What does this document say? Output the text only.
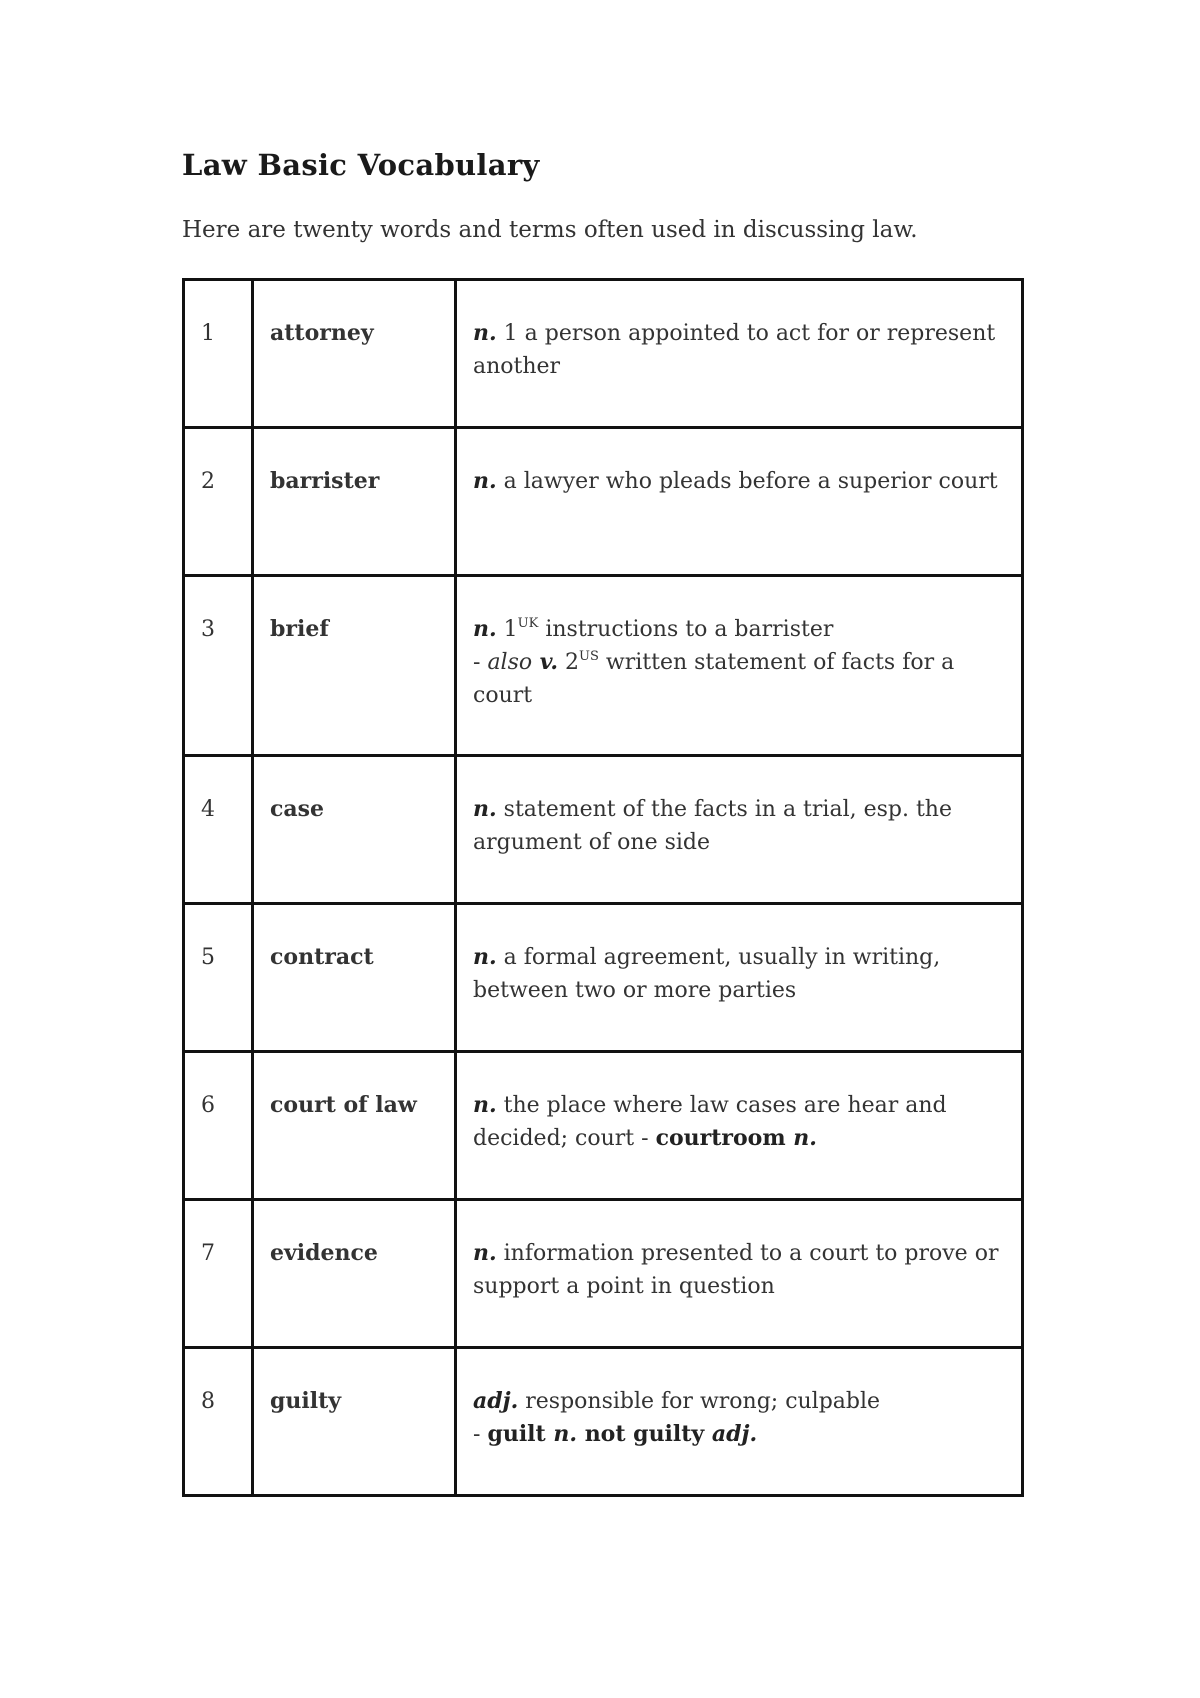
Law Basic Vocabulary

Here are twenty words and terms often used in discussing law.

1	attorney	n. 1 a person appointed to act for or represent another
2	barrister	n. a lawyer who pleads before a superior court
3	brief	n. $1^{UK}$ instructions to a barrister
- also v. $2^{US}$ written statement of facts for a court
4	case	n. statement of the facts in a trial, esp. the argument of one side
5	contract	n. a formal agreement, usually in writing, between two or more parties
6	court of law	n. the place where law cases are hear and decided; court - courtroom n.
7	evidence	n. information presented to a court to prove or support a point in question
8	guilty	adj. responsible for wrong; culpable
- guilt n. not guilty adj.
